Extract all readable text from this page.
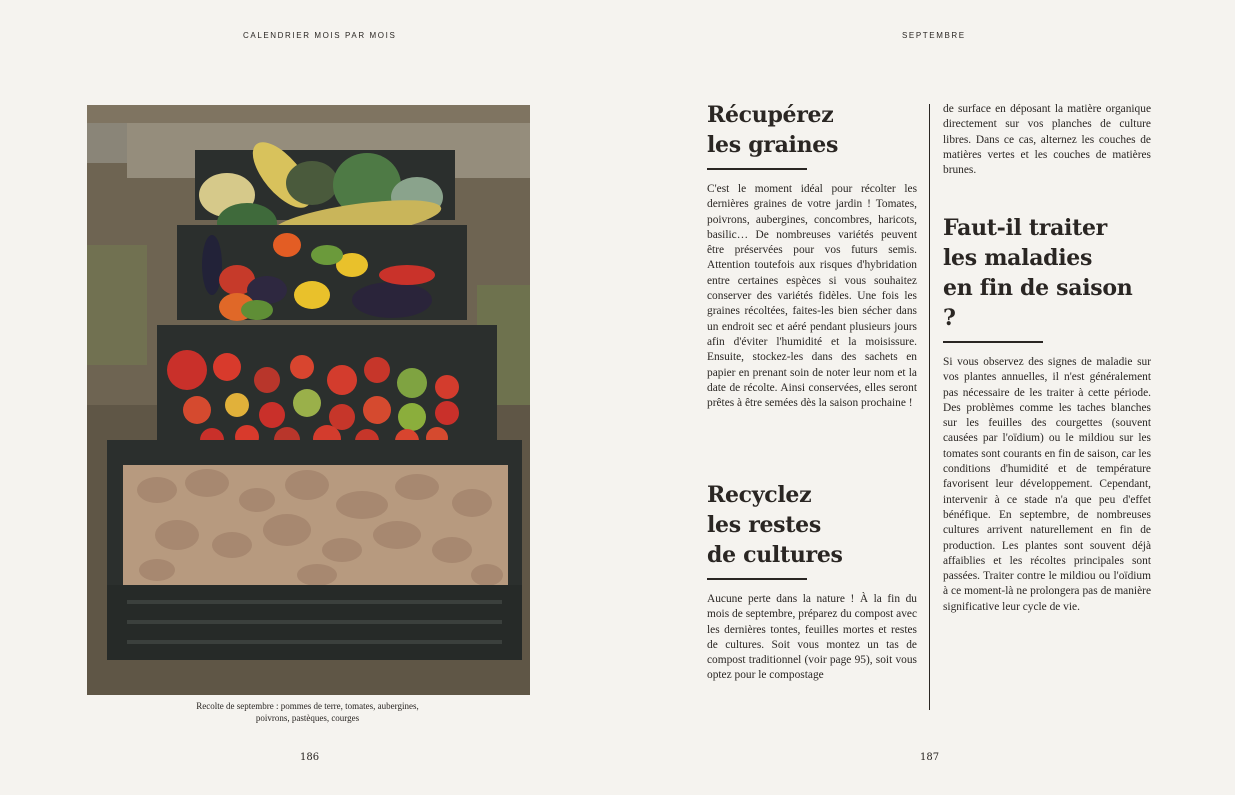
CALENDRIER MOIS PAR MOIS
Recolte de septembre : pommes de terre, tomates, aubergines, poivrons, pastèques, courges
186
SEPTEMBRE
Récupérez
les graines

C'est le moment idéal pour récolter les dernières graines de votre jardin ! Tomates, poivrons, aubergines, concombres, haricots, basilic… De nombreuses variétés peuvent être préservées pour vos futurs semis. Attention toutefois aux risques d'hybridation entre certaines espèces si vous souhaitez conserver des variétés fidèles. Une fois les graines récoltées, faites-les bien sécher dans un endroit sec et aéré pendant plusieurs jours afin d'éviter l'humidité et la moisissure. Ensuite, stockez-les dans des sachets en papier en prenant soin de noter leur nom et la date de récolte. Ainsi conservées, elles seront prêtes à être semées dès la saison prochaine !

Recyclez
les restes
de cultures

Aucune perte dans la nature ! À la fin du mois de septembre, préparez du compost avec les dernières tontes, feuilles mortes et restes de cultures. Soit vous montez un tas de compost traditionnel (voir page 95), soit vous optez pour le compostage

de surface en déposant la matière organique directement sur vos planches de culture libres. Dans ce cas, alternez les couches de matières vertes et les couches de matières brunes.

Faut-il traiter
les maladies
en fin de saison ?

Si vous observez des signes de maladie sur vos plantes annuelles, il n'est généralement pas nécessaire de les traiter à cette période. Des problèmes comme les taches blanches sur les feuilles des courgettes (souvent causées par l'oïdium) ou le mildiou sur les tomates sont courants en fin de saison, car les conditions d'humidité et de température favorisent leur développement. Cependant, intervenir à ce stade n'a que peu d'effet bénéfique. En septembre, de nombreuses cultures arrivent naturellement en fin de production. Les plantes sont souvent déjà affaiblies et les récoltes principales sont passées. Traiter contre le mildiou ou l'oïdium à ce moment-là ne prolongera pas de manière significative leur cycle de vie.

187
